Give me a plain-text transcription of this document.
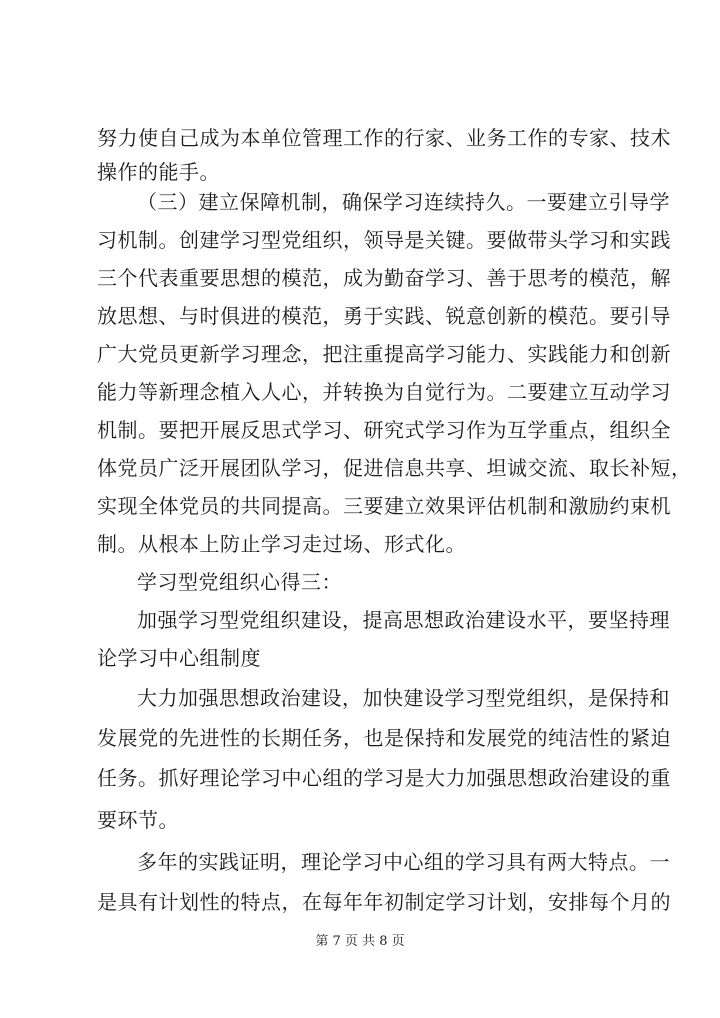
努力使自己成为本单位管理工作的行家、业务工作的专家、技术
操作的能手。
（三）建立保障机制，确保学习连续持久。一要建立引导学
习机制。创建学习型党组织，领导是关键。要做带头学习和实践
三个代表重要思想的模范，成为勤奋学习、善于思考的模范，解
放思想、与时俱进的模范，勇于实践、锐意创新的模范。要引导
广大党员更新学习理念，把注重提高学习能力、实践能力和创新
能力等新理念植入人心，并转换为自觉行为。二要建立互动学习
机制。要把开展反思式学习、研究式学习作为互学重点，组织全
体党员广泛开展团队学习，促进信息共享、坦诚交流、取长补短，
实现全体党员的共同提高。三要建立效果评估机制和激励约束机
制。从根本上防止学习走过场、形式化。
学习型党组织心得三：
加强学习型党组织建设，提高思想政治建设水平，要坚持理
论学习中心组制度
大力加强思想政治建设，加快建设学习型党组织，是保持和
发展党的先进性的长期任务，也是保持和发展党的纯洁性的紧迫
任务。抓好理论学习中心组的学习是大力加强思想政治建设的重
要环节。
多年的实践证明，理论学习中心组的学习具有两大特点。一
是具有计划性的特点，在每年年初制定学习计划，安排每个月的
第 7 页 共 8 页
